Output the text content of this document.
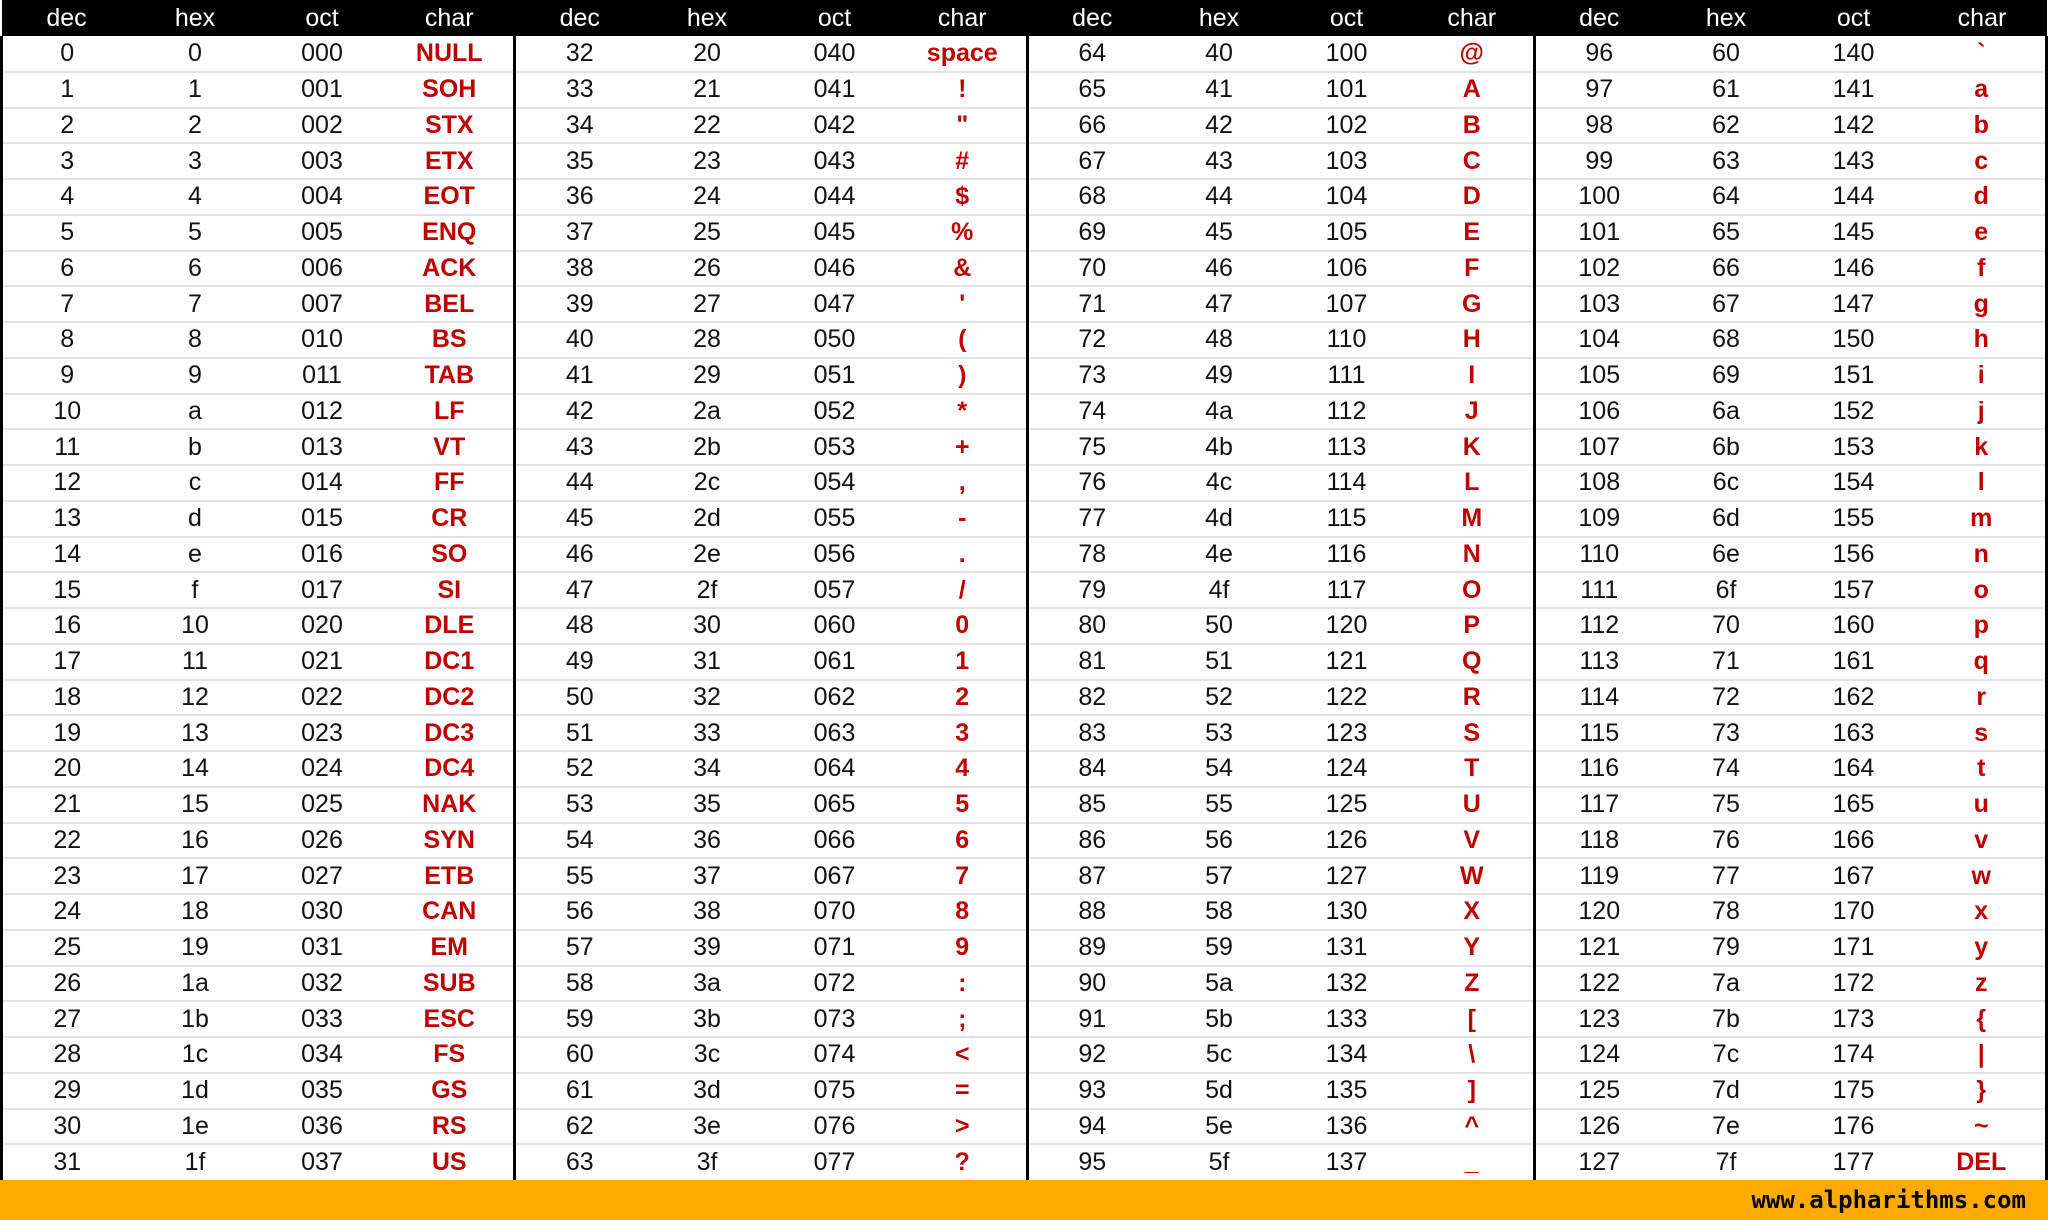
dec	hex	oct	char	dec	hex	oct	char	dec	hex	oct	char	dec	hex	oct	char
0	0	000	NULL	32	20	040	space	64	40	100	@	96	60	140	`
1	1	001	SOH	33	21	041	!	65	41	101	A	97	61	141	a
2	2	002	STX	34	22	042	"	66	42	102	B	98	62	142	b
3	3	003	ETX	35	23	043	#	67	43	103	C	99	63	143	c
4	4	004	EOT	36	24	044	$	68	44	104	D	100	64	144	d
5	5	005	ENQ	37	25	045	%	69	45	105	E	101	65	145	e
6	6	006	ACK	38	26	046	&	70	46	106	F	102	66	146	f
7	7	007	BEL	39	27	047	'	71	47	107	G	103	67	147	g
8	8	010	BS	40	28	050	(	72	48	110	H	104	68	150	h
9	9	011	TAB	41	29	051	)	73	49	111	I	105	69	151	i
10	a	012	LF	42	2a	052	*	74	4a	112	J	106	6a	152	j
11	b	013	VT	43	2b	053	+	75	4b	113	K	107	6b	153	k
12	c	014	FF	44	2c	054	,	76	4c	114	L	108	6c	154	l
13	d	015	CR	45	2d	055	-	77	4d	115	M	109	6d	155	m
14	e	016	SO	46	2e	056	.	78	4e	116	N	110	6e	156	n
15	f	017	SI	47	2f	057	/	79	4f	117	O	111	6f	157	o
16	10	020	DLE	48	30	060	0	80	50	120	P	112	70	160	p
17	11	021	DC1	49	31	061	1	81	51	121	Q	113	71	161	q
18	12	022	DC2	50	32	062	2	82	52	122	R	114	72	162	r
19	13	023	DC3	51	33	063	3	83	53	123	S	115	73	163	s
20	14	024	DC4	52	34	064	4	84	54	124	T	116	74	164	t
21	15	025	NAK	53	35	065	5	85	55	125	U	117	75	165	u
22	16	026	SYN	54	36	066	6	86	56	126	V	118	76	166	v
23	17	027	ETB	55	37	067	7	87	57	127	W	119	77	167	w
24	18	030	CAN	56	38	070	8	88	58	130	X	120	78	170	x
25	19	031	EM	57	39	071	9	89	59	131	Y	121	79	171	y
26	1a	032	SUB	58	3a	072	:	90	5a	132	Z	122	7a	172	z
27	1b	033	ESC	59	3b	073	;	91	5b	133	[	123	7b	173	{
28	1c	034	FS	60	3c	074	<	92	5c	134	\	124	7c	174	|
29	1d	035	GS	61	3d	075	=	93	5d	135	]	125	7d	175	}
30	1e	036	RS	62	3e	076	>	94	5e	136	^	126	7e	176	~
31	1f	037	US	63	3f	077	?	95	5f	137	_	127	7f	177	DEL
www.alpharithms.com
